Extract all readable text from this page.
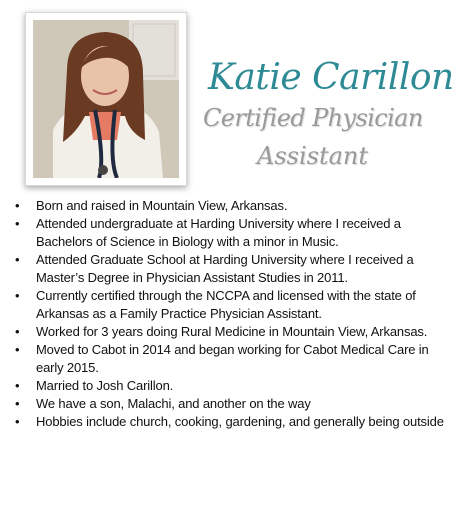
Katie Carillon
Certified Physician
Assistant
• Born and raised in Mountain View, Arkansas.
• Attended undergraduate at Harding University where I received a Bachelors of Science in Biology with a minor in Music.
• Attended Graduate School at Harding University where I received a Master’s Degree in Physician Assistant Studies in 2011.
• Currently certified through the NCCPA and licensed with the state of Arkansas as a Family Practice Physician Assistant.
• Worked for 3 years doing Rural Medicine in Mountain View, Arkansas.
• Moved to Cabot in 2014 and began working for Cabot Medical Care in early 2015.
• Married to Josh Carillon.
• We have a son, Malachi, and another on the way
• Hobbies include church, cooking, gardening, and generally being outside
